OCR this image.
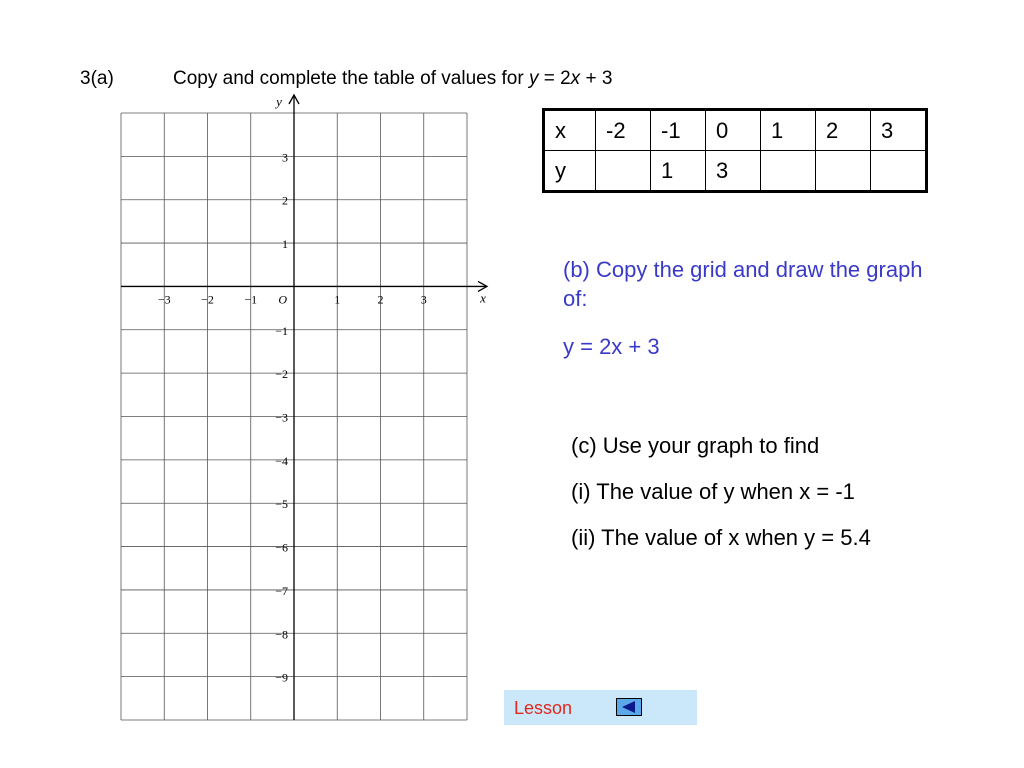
3(a)	Copy and complete the table of values for y = 2x + 3
−3	−2	−1	1	2	3
3
2
1
−1
−2
−3
−4
−5
−6
−7
−8
−9
O	x
y
x	-2	-1	0	1	2	3
y		1	3			

(b) Copy the grid and draw the graph of:

y = 2x + 3

(c) Use your graph to find

(i) The value of y when x = -1

(ii) The value of x when y = 5.4

Lesson
